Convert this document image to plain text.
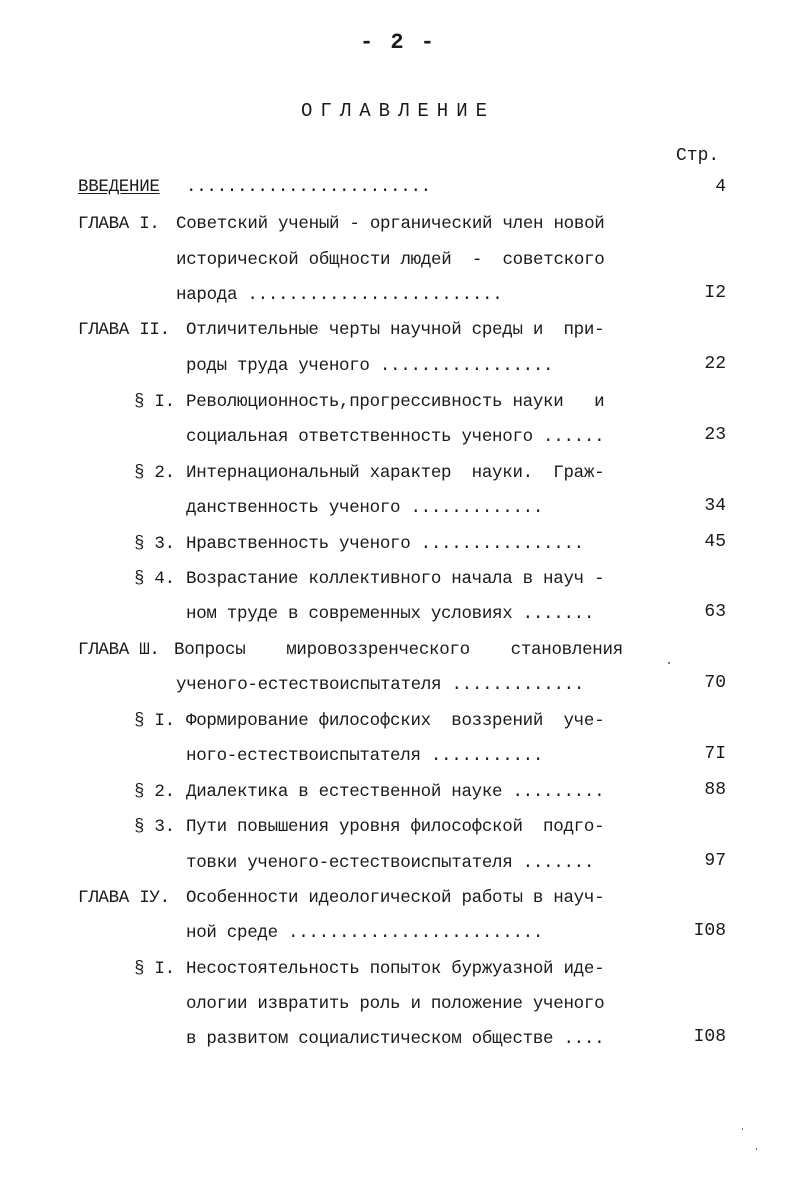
- 2 -
ОГЛАВЛЕНИЕ
Стр.
ВВЕДЕНИЕ ........................	4
ГЛАВА I. Советский ученый - органический член новой
исторической общности людей  -  советского
народа .........................	I2
ГЛАВА II. Отличительные черты научной среды и  при-
роды труда ученого .................	22
§ I. Революционность,прогрессивность науки   и
социальная ответственность ученого ......	23
§ 2. Интернациональный характер  науки.  Граж-
данственность ученого .............	34
§ 3. Нравственность ученого ................	45
§ 4. Возрастание коллективного начала в науч -
ном труде в современных условиях .......	63
ГЛАВА Ш. Вопросы    мировоззренческого    становления
ученого-естествоиспытателя .............	70
§ I. Формирование философских  воззрений  уче-
ного-естествоиспытателя ...........	7I
§ 2. Диалектика в естественной науке .........	88
§ 3. Пути повышения уровня философской  подго-
товки ученого-естествоиспытателя .......	97
ГЛАВА IУ. Особенности идеологической работы в науч-
ной среде .........................	I08
§ I. Несостоятельность попыток буржуазной иде-
ологии извратить роль и положение ученого
в развитом социалистическом обществе ....	I08
